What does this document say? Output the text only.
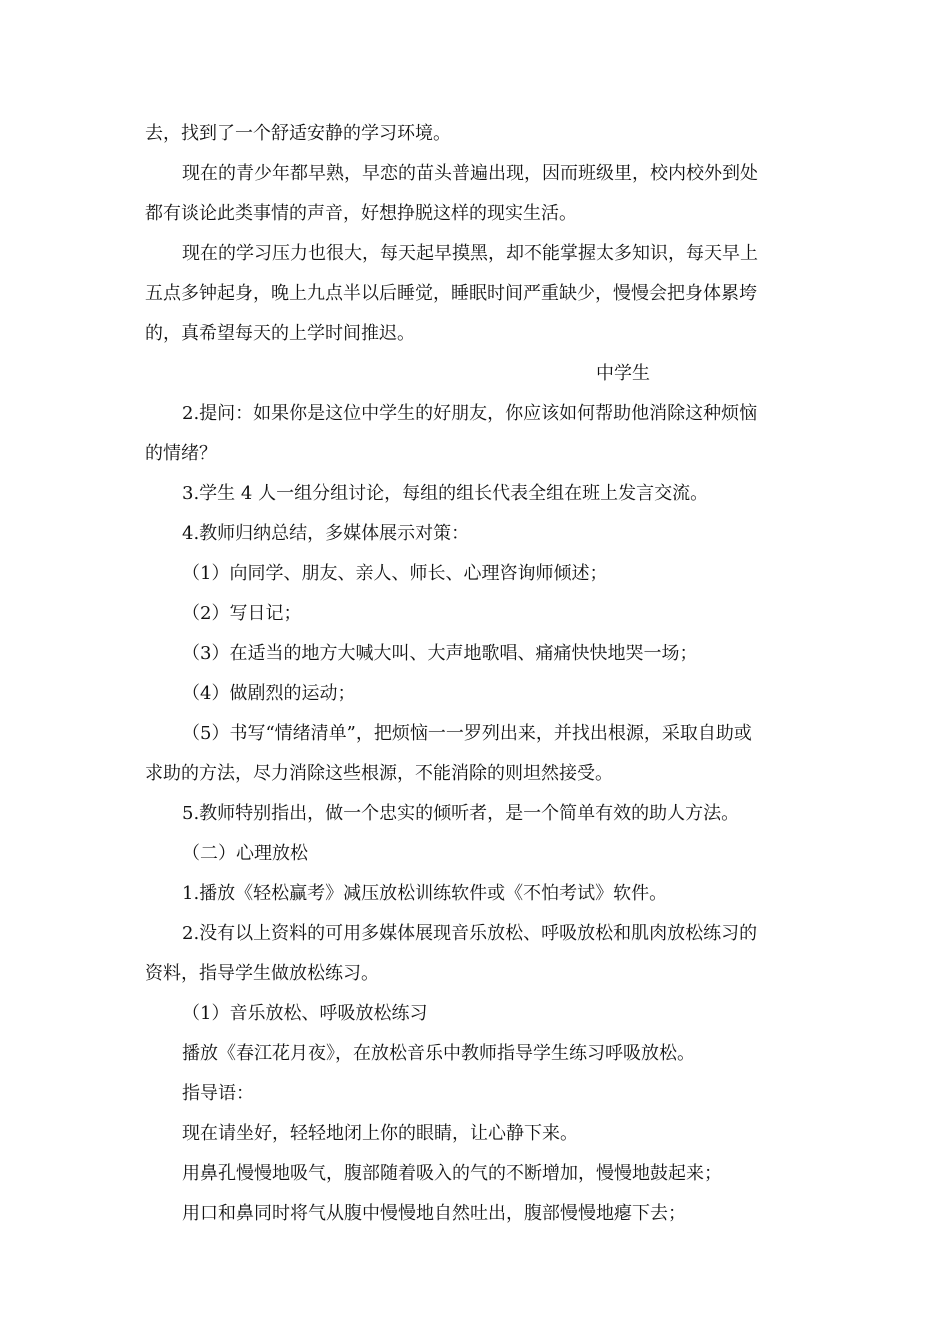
去，找到了一个舒适安静的学习环境。

现在的青少年都早熟，早恋的苗头普遍出现，因而班级里，校内校外到处

都有谈论此类事情的声音，好想挣脱这样的现实生活。

现在的学习压力也很大，每天起早摸黑，却不能掌握太多知识，每天早上

五点多钟起身，晚上九点半以后睡觉，睡眠时间严重缺少，慢慢会把身体累垮

的，真希望每天的上学时间推迟。

中学生

2.提问：如果你是这位中学生的好朋友，你应该如何帮助他消除这种烦恼

的情绪？

3.学生 4 人一组分组讨论，每组的组长代表全组在班上发言交流。

4.教师归纳总结，多媒体展示对策：

（1）向同学、朋友、亲人、师长、心理咨询师倾述；

（2）写日记；

（3）在适当的地方大喊大叫、大声地歌唱、痛痛快快地哭一场；

（4）做剧烈的运动；

（5）书写“情绪清单”，把烦恼一一罗列出来，并找出根源，采取自助或

求助的方法，尽力消除这些根源，不能消除的则坦然接受。

5.教师特别指出，做一个忠实的倾听者，是一个简单有效的助人方法。

（二）心理放松

1.播放《轻松赢考》减压放松训练软件或《不怕考试》软件。

2.没有以上资料的可用多媒体展现音乐放松、呼吸放松和肌肉放松练习的

资料，指导学生做放松练习。

（1）音乐放松、呼吸放松练习

播放《春江花月夜》，在放松音乐中教师指导学生练习呼吸放松。

指导语：

现在请坐好，轻轻地闭上你的眼睛，让心静下来。

用鼻孔慢慢地吸气，腹部随着吸入的气的不断增加，慢慢地鼓起来；

用口和鼻同时将气从腹中慢慢地自然吐出，腹部慢慢地瘪下去；
